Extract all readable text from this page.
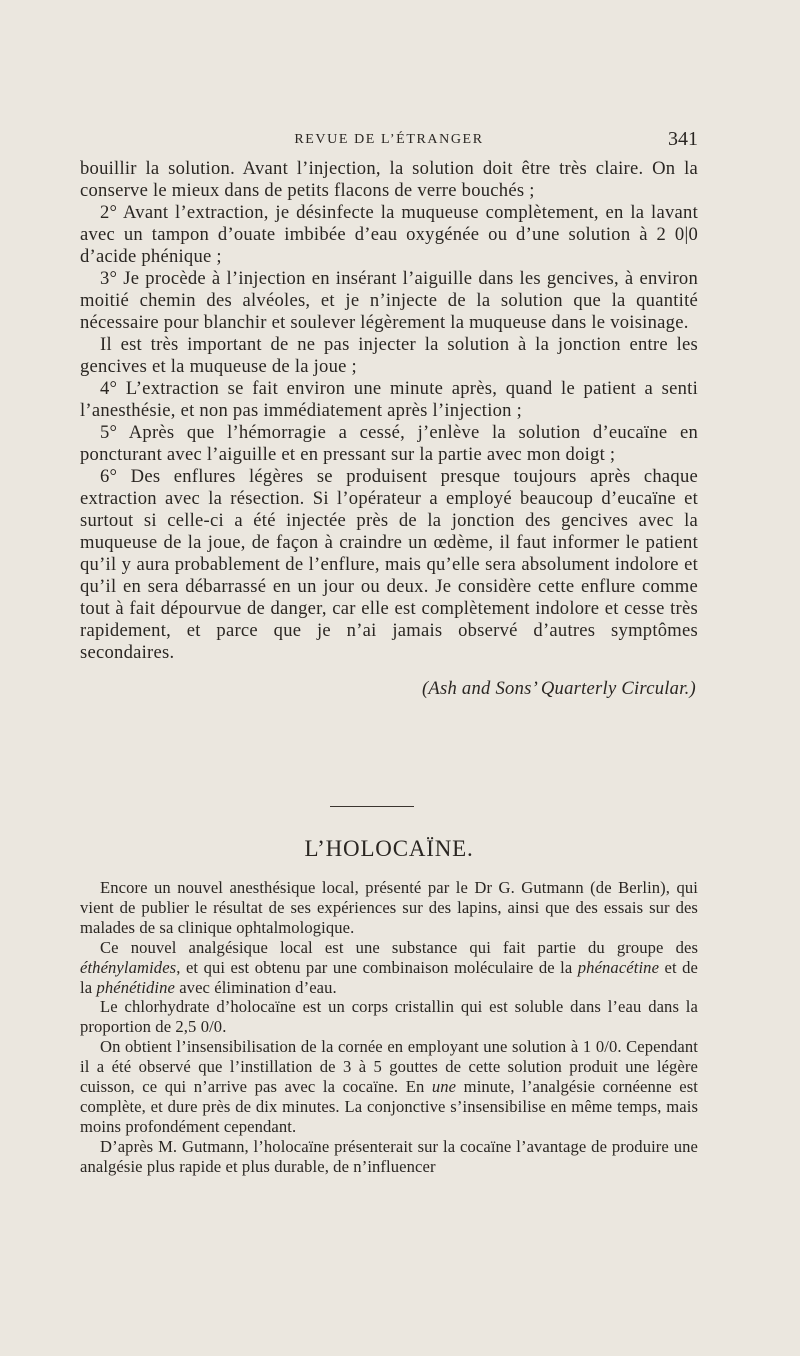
REVUE DE L’ÉTRANGER	341

bouillir la solution. Avant l’injection, la solution doit être très claire. On la conserve le mieux dans de petits flacons de verre bouchés ;

2° Avant l’extraction, je désinfecte la muqueuse complètement, en la lavant avec un tampon d’ouate imbibée d’eau oxygénée ou d’une solution à 2 0|0 d’acide phénique ;

3° Je procède à l’injection en insérant l’aiguille dans les gencives, à environ moitié chemin des alvéoles, et je n’injecte de la solution que la quantité nécessaire pour blanchir et soulever légèrement la muqueuse dans le voisinage.

Il est très important de ne pas injecter la solution à la jonction entre les gencives et la muqueuse de la joue ;

4° L’extraction se fait environ une minute après, quand le patient a senti l’anesthésie, et non pas immédiatement après l’injection ;

5° Après que l’hémorragie a cessé, j’enlève la solution d’eucaïne en poncturant avec l’aiguille et en pressant sur la partie avec mon doigt ;

6° Des enflures légères se produisent presque toujours après chaque extraction avec la résection. Si l’opérateur a employé beaucoup d’eucaïne et surtout si celle-ci a été injectée près de la jonction des gencives avec la muqueuse de la joue, de façon à craindre un œdème, il faut informer le patient qu’il y aura probablement de l’enflure, mais qu’elle sera absolument indolore et qu’il en sera débarrassé en un jour ou deux. Je considère cette enflure comme tout à fait dépourvue de danger, car elle est complètement indolore et cesse très rapidement, et parce que je n’ai jamais observé d’autres symptômes secondaires.

(Ash and Sons’ Quarterly Circular.)

L’HOLOCAÏNE.

Encore un nouvel anesthésique local, présenté par le Dr G. Gutmann (de Berlin), qui vient de publier le résultat de ses expériences sur des lapins, ainsi que des essais sur des malades de sa clinique ophtalmologique.

Ce nouvel analgésique local est une substance qui fait partie du groupe des éthénylamides, et qui est obtenu par une combinaison moléculaire de la phénacétine et de la phénétidine avec élimination d’eau.

Le chlorhydrate d’holocaïne est un corps cristallin qui est soluble dans l’eau dans la proportion de 2,5 0/0.

On obtient l’insensibilisation de la cornée en employant une solution à 1 0/0. Cependant il a été observé que l’instillation de 3 à 5 gouttes de cette solution produit une légère cuisson, ce qui n’arrive pas avec la cocaïne. En une minute, l’analgésie cornéenne est complète, et dure près de dix minutes. La conjonctive s’insensibilise en même temps, mais moins profondément cependant.

D’après M. Gutmann, l’holocaïne présenterait sur la cocaïne l’avantage de produire une analgésie plus rapide et plus durable, de n’influencer
